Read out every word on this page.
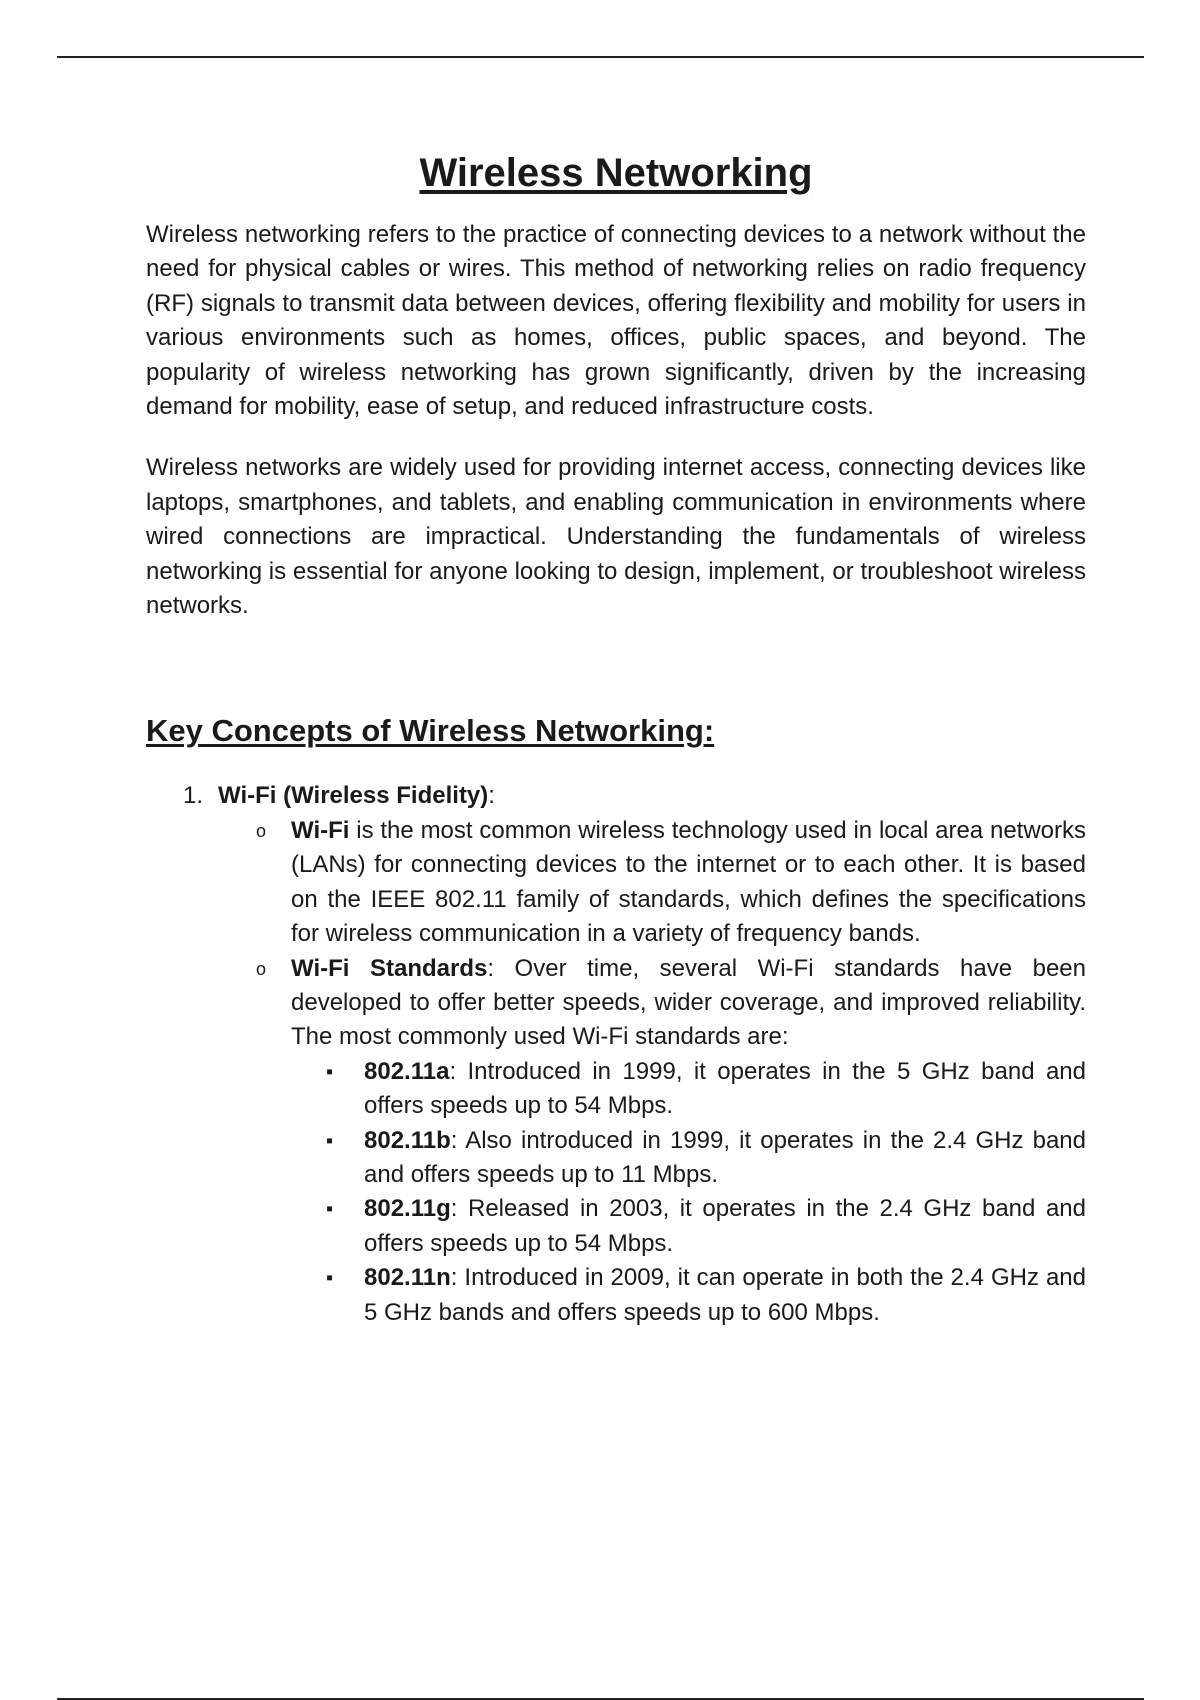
Wireless Networking

Wireless networking refers to the practice of connecting devices to a network without the need for physical cables or wires. This method of networking relies on radio frequency (RF) signals to transmit data between devices, offering flexibility and mobility for users in various environments such as homes, offices, public spaces, and beyond. The popularity of wireless networking has grown significantly, driven by the increasing demand for mobility, ease of setup, and reduced infrastructure costs.

Wireless networks are widely used for providing internet access, connecting devices like laptops, smartphones, and tablets, and enabling communication in environments where wired connections are impractical. Understanding the fundamentals of wireless networking is essential for anyone looking to design, implement, or troubleshoot wireless networks.

Key Concepts of Wireless Networking:
1. Wi-Fi (Wireless Fidelity):
o Wi-Fi is the most common wireless technology used in local area networks (LANs) for connecting devices to the internet or to each other. It is based on the IEEE 802.11 family of standards, which defines the specifications for wireless communication in a variety of frequency bands.
o Wi-Fi Standards: Over time, several Wi-Fi standards have been developed to offer better speeds, wider coverage, and improved reliability. The most commonly used Wi-Fi standards are:
▪ 802.11a: Introduced in 1999, it operates in the 5 GHz band and offers speeds up to 54 Mbps.
▪ 802.11b: Also introduced in 1999, it operates in the 2.4 GHz band and offers speeds up to 11 Mbps.
▪ 802.11g: Released in 2003, it operates in the 2.4 GHz band and offers speeds up to 54 Mbps.
▪ 802.11n: Introduced in 2009, it can operate in both the 2.4 GHz and 5 GHz bands and offers speeds up to 600 Mbps.
